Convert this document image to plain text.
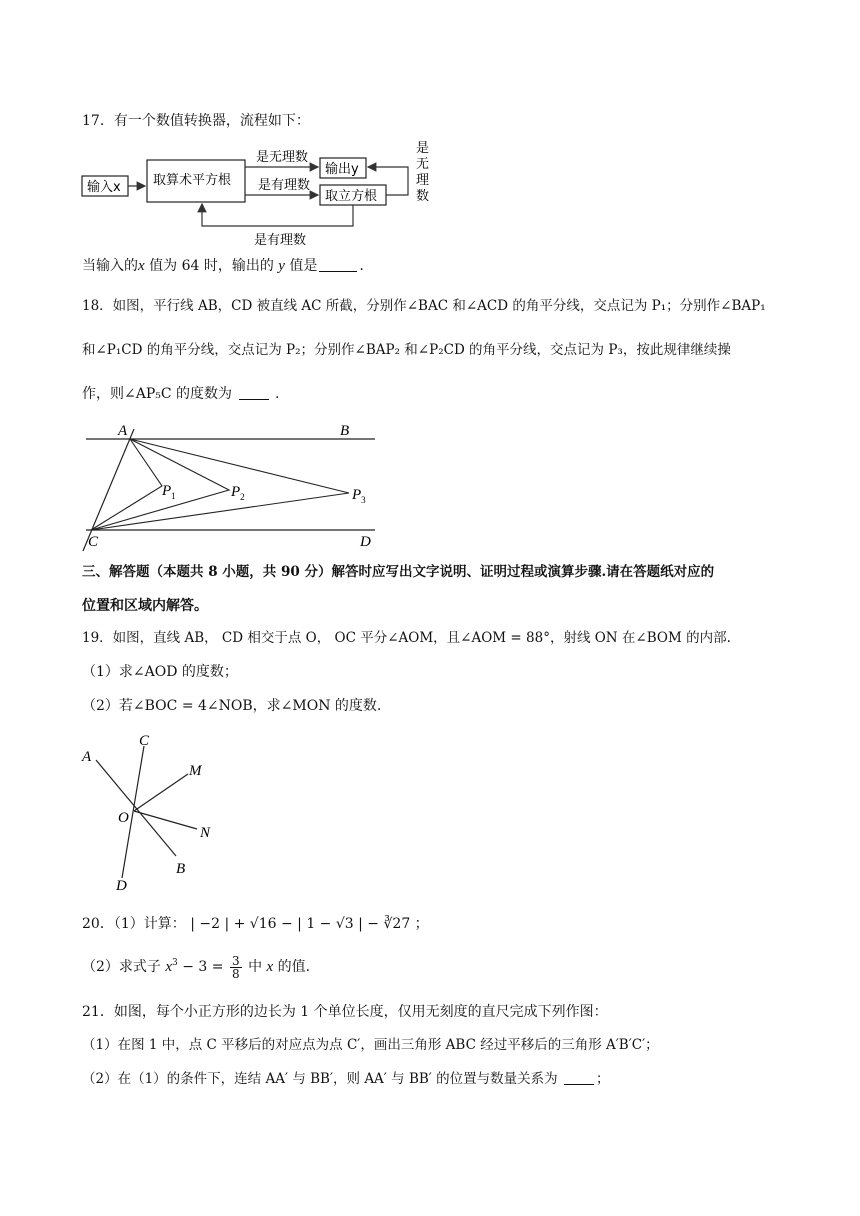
17．有一个数值转换器，流程如下：
输入x 取算术平方根
是无理数
是有理数
输出y
取立方根
是
无
理
数
是有理数
当输入的x 值为 64 时，输出的 y 值是	.
18．如图，平行线 AB，CD 被直线 AC 所截，分别作∠BAC 和∠ACD 的角平分线，交点记为 P₁；分别作∠BAP₁
和∠P₁CD 的角平分线，交点记为 P₂；分别作∠BAP₂ 和∠P₂CD 的角平分线，交点记为 P₃，按此规律继续操
作，则∠AP₅C 的度数为	.
A	B
C	D
$P_1$	$P_2$	$P_3$
三、解答题（本题共 8 小题，共 90 分）解答时应写出文字说明、证明过程或演算步骤.请在答题纸对应的
位置和区域内解答。
19．如图，直线 AB， CD 相交于点 O， OC 平分∠AOM，且∠AOM = 88°，射线 ON 在∠BOM 的内部.
（1）求∠AOD 的度数；
（2）若∠BOC = 4∠NOB，求∠MON 的度数.
A
C
M
O
N
B
D
20．（1）计算： | −2 | + √16 − | 1 − √3 | − ∛27 ；
（2）求式子 $x^3 - 3 = \frac{3}{8}$ 中 x 的值.
21．如图，每个小正方形的边长为 1 个单位长度，仅用无刻度的直尺完成下列作图：
（1）在图 1 中，点 C 平移后的对应点为点 C′，画出三角形 ABC 经过平移后的三角形 A′B′C′；
（2）在（1）的条件下，连结 AA′ 与 BB′，则 AA′ 与 BB′ 的位置与数量关系为	；
